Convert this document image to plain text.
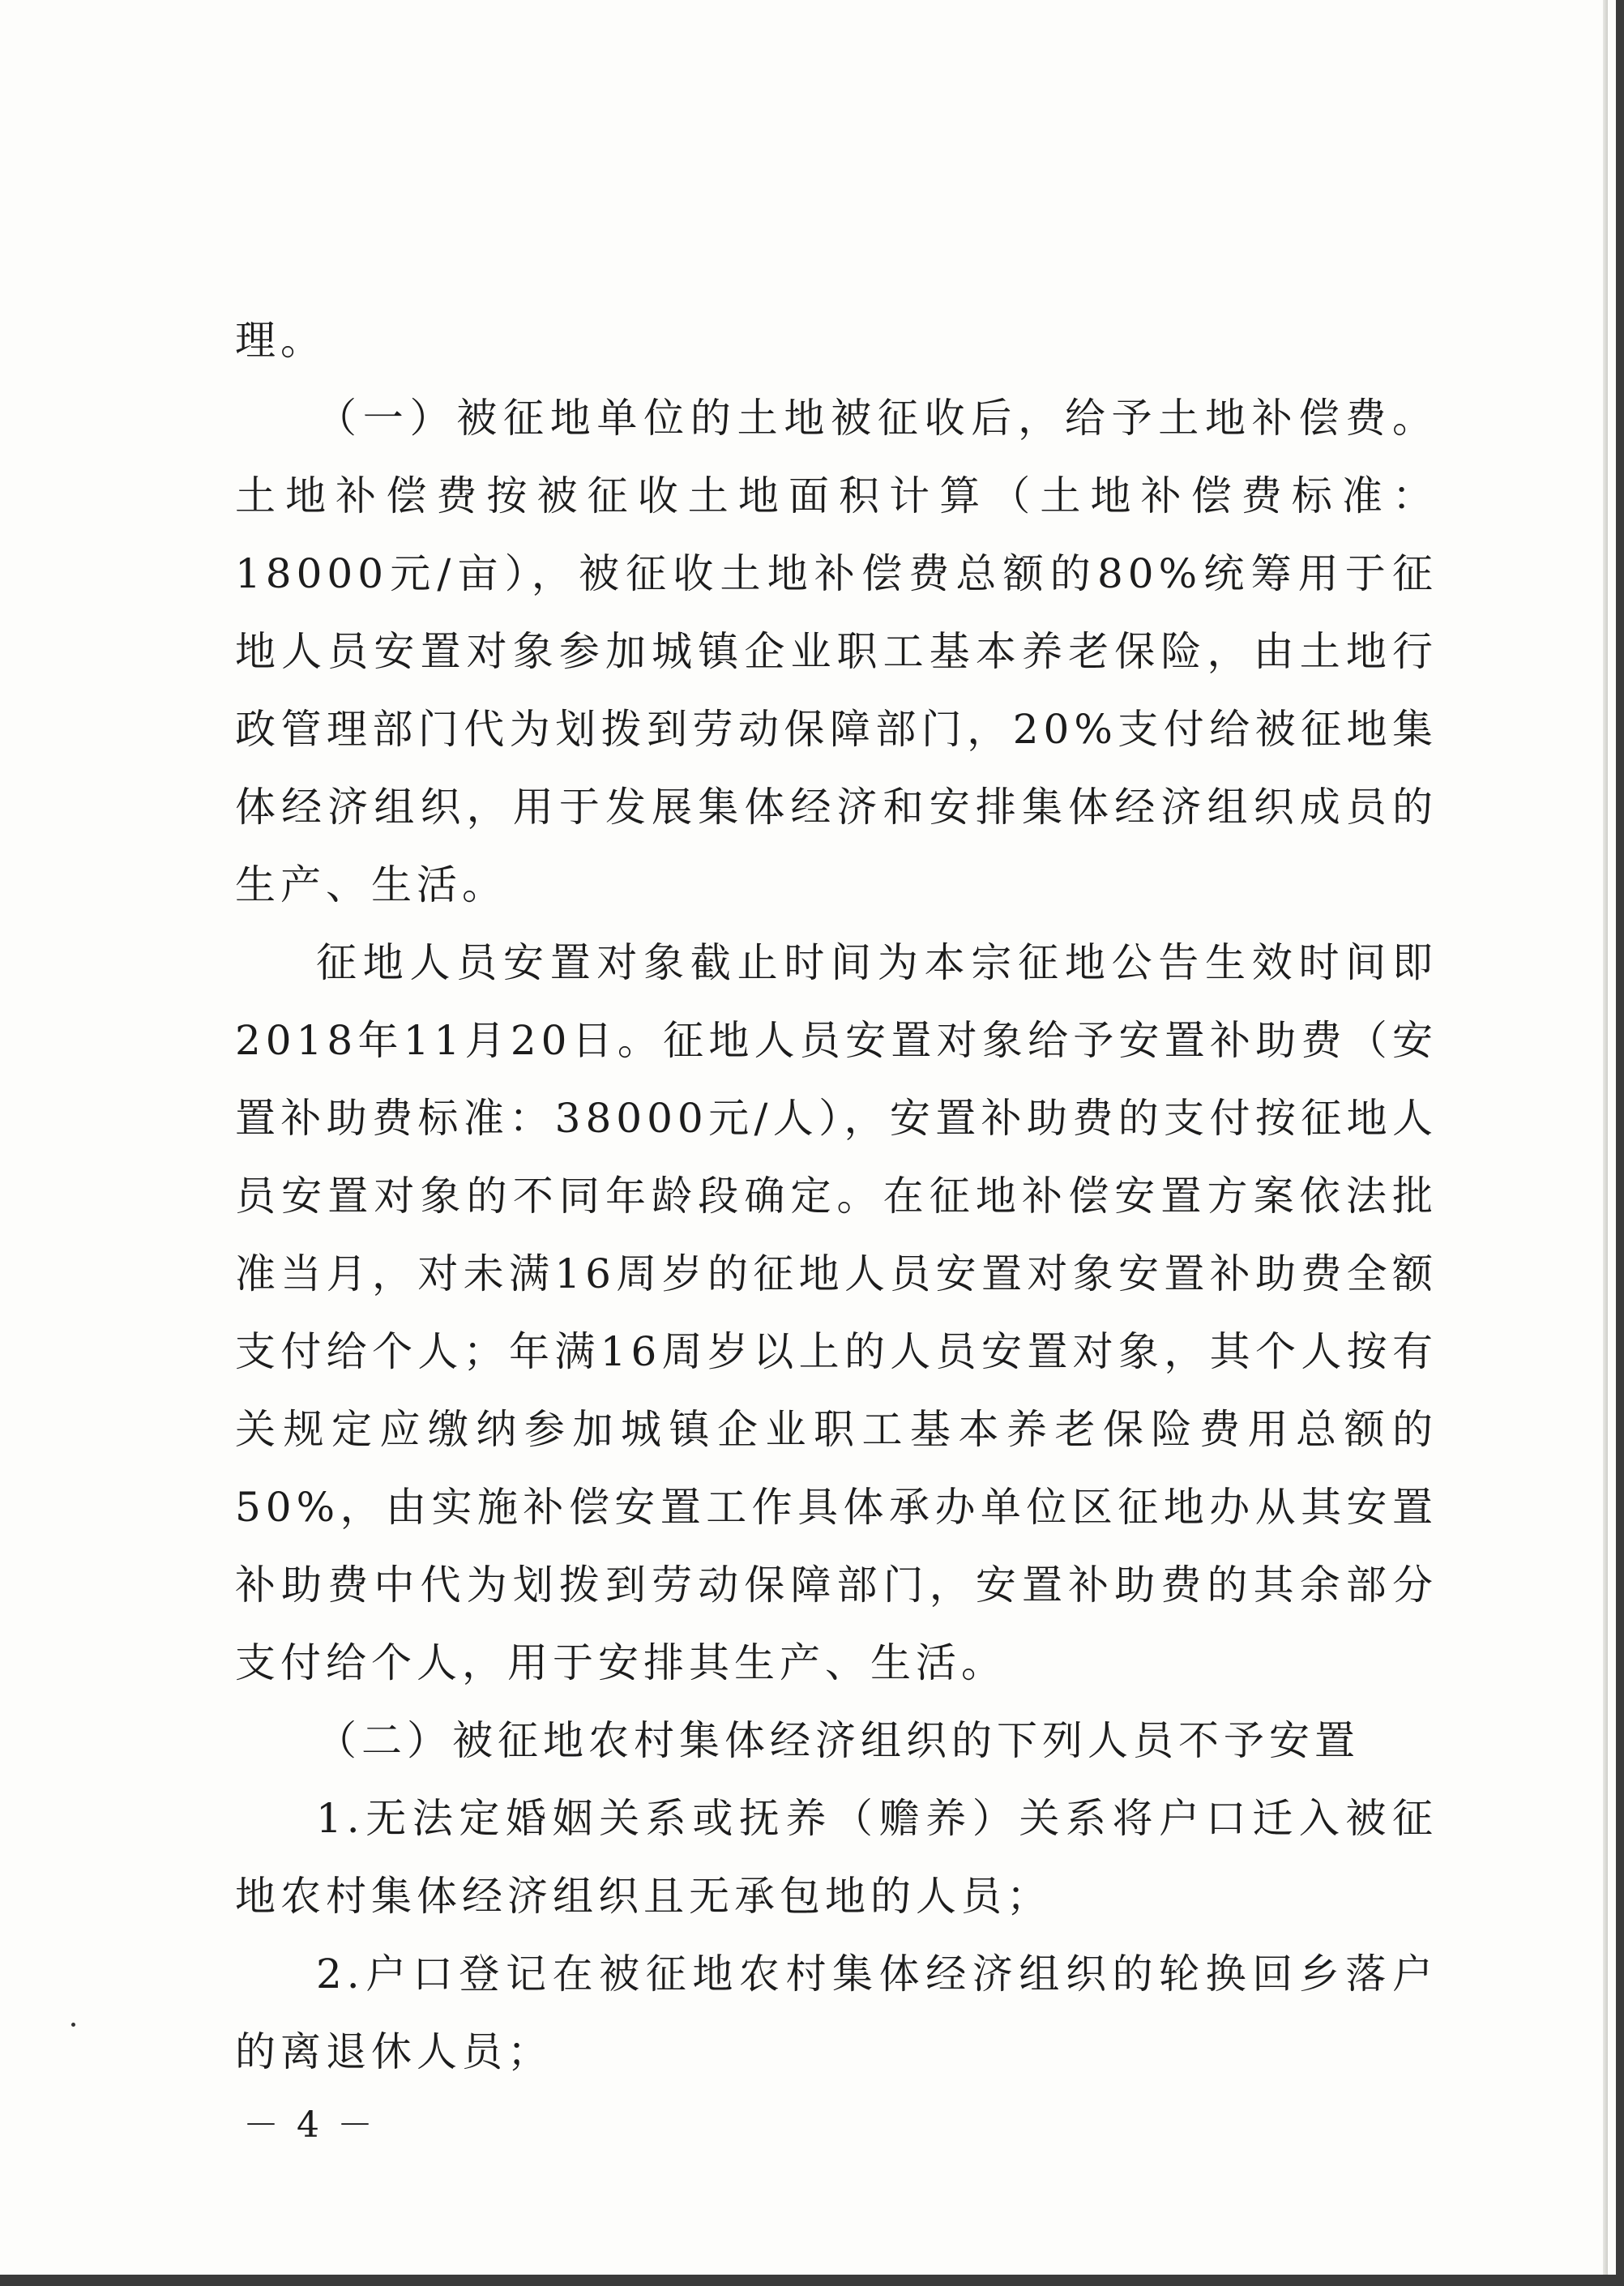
理。

（一）被征地单位的土地被征收后，给予土地补偿费。土地补偿费按被征收土地面积计算（土地补偿费标准：18000元/亩），被征收土地补偿费总额的80%统筹用于征地人员安置对象参加城镇企业职工基本养老保险，由土地行政管理部门代为划拨到劳动保障部门，20%支付给被征地集体经济组织，用于发展集体经济和安排集体经济组织成员的生产、生活。

征地人员安置对象截止时间为本宗征地公告生效时间即2018年11月20日。征地人员安置对象给予安置补助费（安置补助费标准：38000元/人），安置补助费的支付按征地人员安置对象的不同年龄段确定。在征地补偿安置方案依法批准当月，对未满16周岁的征地人员安置对象安置补助费全额支付给个人；年满16周岁以上的人员安置对象，其个人按有关规定应缴纳参加城镇企业职工基本养老保险费用总额的50%，由实施补偿安置工作具体承办单位区征地办从其安置补助费中代为划拨到劳动保障部门，安置补助费的其余部分支付给个人，用于安排其生产、生活。

（二）被征地农村集体经济组织的下列人员不予安置

1.无法定婚姻关系或抚养（赡养）关系将户口迁入被征地农村集体经济组织且无承包地的人员；

2.户口登记在被征地农村集体经济组织的轮换回乡落户的离退休人员；

－ 4 －
